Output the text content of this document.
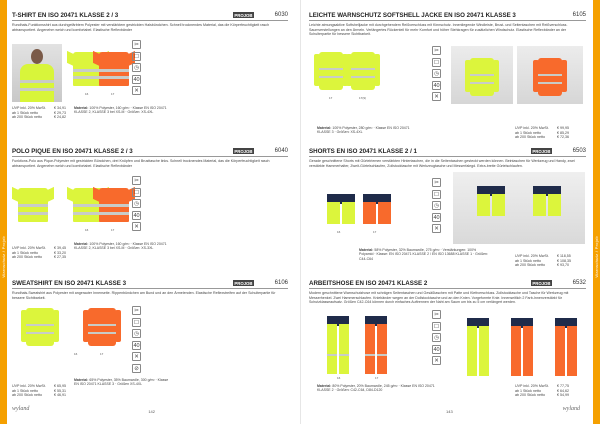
Warnschutz / Projob
T-SHIRT EN ISO 20471 KLASSE 2 / 3	PROJOB	6030
Rundhals-Funktionsshirt aus durchgefärbtem Polyester mit verstärktem gestrickten Halsbündchen. Schnell trocknendes Material, das die Körperfeuchtigkeit rasch abtransportiert. Angenehm weich und komfortabel. Elastische Reflexbänder
16	17
✂
☐
◷
40
✕
UVP inkl. 20% MwSt.	€ 34,91
ab 1 Stück netto	€ 29,73
ab 200 Stück netto	€ 24,82
Material: 100% Polyester, 160 g/m² · Klasse EN ISO 20471 KLASSE 2, KLASSE 3 bei XS-M · Größen: XS-4XL
POLO PIQUE EN ISO 20471 KLASSE 2 / 3	PROJOB	6040
Funktions-Polo aus Pique-Polyester mit gestrickten Bündchen, drei Knöpfen und Brusttasche links. Schnell trocknendes Material, das die Körperfeuchtigkeit rasch abtransportiert. Angenehm weich und komfortabel. Elastische Reflexbänder
16	17
✂
☐
◷
40
✕
UVP inkl. 20% MwSt.	€ 39,45
ab 1 Stück netto	€ 33,20
ab 200 Stück netto	€ 27,35
Material: 100% Polyester, 160 g/m² · Klasse EN ISO 20471 KLASSE 2, KLASSE 3 bei XS-M · Größen: XS-3XL
SWEATSHIRT EN ISO 20471 KLASSE 3	PROJOB	6106
Rundhals-Sweatshirt aus Polyester mit angerauter Innenseite. Rippenbündchen am Bund und an den Ärmelenden. Elastische Reflexstreifen auf der Schulterpartie für bessere Sichtbarkeit.
16	17
✂
☐
◷
40
✕
⊘
UVP inkl. 20% MwSt.	€ 65,95
ab 1 Stück netto	€ 55,31
ab 200 Stück netto	€ 46,91
Material: 65% Polyester, 35% Baumwolle, 300 g/m² · Klasse EN ISO 20471 KLASSE 3 · Größen XS-4XL
wyland	142
Warnschutz / Projob
LEICHTE WARNSCHUTZ SOFTSHELL JACKE EN ISO 20471 KLASSE 3	6105
Leichte atmungsaktive Softshelljacke mit durchgehendem Reißverschluss mit Kinnschutz. Innenliegende Windleiste, Brust- und Seitentaschen mit Reißverschluss. Saumverstellungen an den Ärmeln. Verlängertes Rückenteil für mehr Komfort und höher Stehkragen für zusätzlichen Windschutz. Elastische Reflexbänder an der Schulterpartie für bessere Sichtbarkeit.
17	17(9)
✂
☐
◷
40
✕
UVP inkl. 20% MwSt.	€ 99,95
ab 1 Stück netto	€ 85,29
ab 200 Stück netto	€ 72,36
Material: 100% Polyester, 280 g/m² · Klasse EN ISO 20471 KLASSE 3 · Größen: XS-4XL
SHORTS EN ISO 20471 KLASSE 2 / 1	PROJOB	6503
Gerade geschnittene Shorts mit Gürtelriemen verstärkten Hintertaschen, die in die Seitentaschen gesteckt werden können. Beintaschen für Werkzeug und Handy, zwei verstärkte Hammerhalter, Zweit-Gürtelschlaufen, Zollstocktasche mit Werkzeugtasche und Messerfalegd. Extra-breite Gürtelschlaufen.
16	17
✂
☐
◷
40
✕
UVP inkl. 20% MwSt.	€ 118,55
ab 1 Stück netto	€ 108,35
ab 200 Stück netto	€ 93,70
Material: 58% Polyester, 32% Baumwolle, 275 g/m² · Verstärkungen: 100% Polyamid · Klasse: EN ISO 20471 KLASSE 2 / EN ISO 13688 KLASSE 1 · Größen: C44-C64
ARBEITSHOSE EN ISO 20471 KLASSE 2	PROJOB	6532
Modern geschnittene Warnschutzhose mit schrägen Seitentaschen und Gesäßtaschen mit Patte und Klettverschluss. Zollstocktasche und Tasche für Werkzeug mit Messerhenkel. Zwei Hammerschlaufen. Kniebänder wegen an der Dollstocktasche und an den Knien. Vorgeformte Knie. Innenseitlich 2 Farb-Innenverstärkt für Schutzklasseaufsatz. Größen C42-C64 können durch einfaches Auftrennen der Naht am Saum um bis zu 5 cm verlängert werden.
16	17
✂
☐
◷
40
✕
UVP inkl. 20% MwSt.	€ 77,75
ab 1 Stück netto	€ 64,62
ab 200 Stück netto	€ 54,99
Material: 80% Polyester, 20% Baumwolle, 245 g/m² · Klasse EN ISO 20471 KLASSE 2 · Größen: C42-C64, D84-D120
wyland
143
